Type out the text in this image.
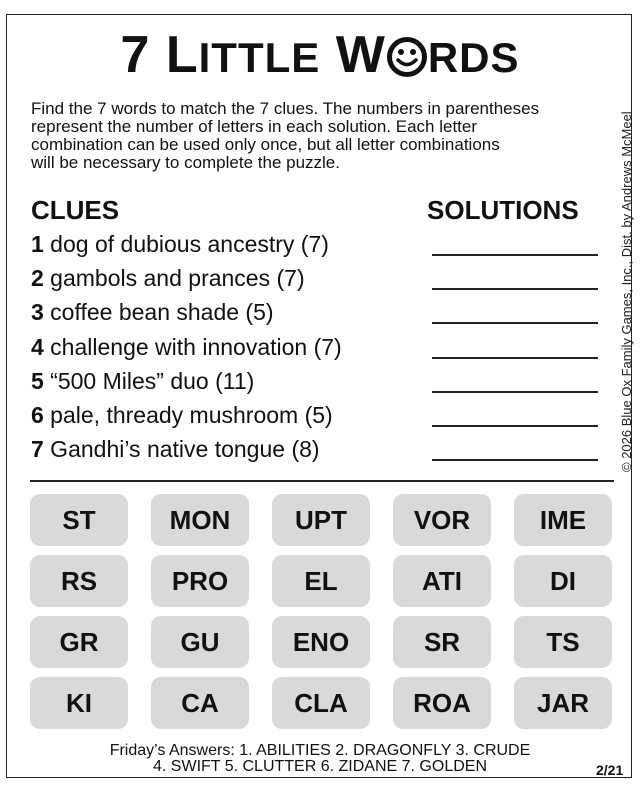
7 LITTLE W RDS
Find the 7 words to match the 7 clues. The numbers in parentheses
represent the number of letters in each solution. Each letter
combination can be used only once, but all letter combinations
will be necessary to complete the puzzle.	© 2026 Blue Ox Family Games, Inc., Dist. by Andrews McMeel
CLUES	SOLUTIONS
1 dog of dubious ancestry (7)
2 gambols and prances (7)
3 coffee bean shade (5)
4 challenge with innovation (7)
5 “500 Miles” duo (11)
6 pale, thready mushroom (5)
7 Gandhi’s native tongue (8)
ST	MON	UPT	VOR	IME
RS	PRO	EL	ATI	DI
GR	GU	ENO	SR	TS
KI	CA	CLA	ROA	JAR
Friday’s Answers: 1. ABILITIES 2. DRAGONFLY 3. CRUDE
4. SWIFT 5. CLUTTER 6. ZIDANE 7. GOLDEN	2/21
